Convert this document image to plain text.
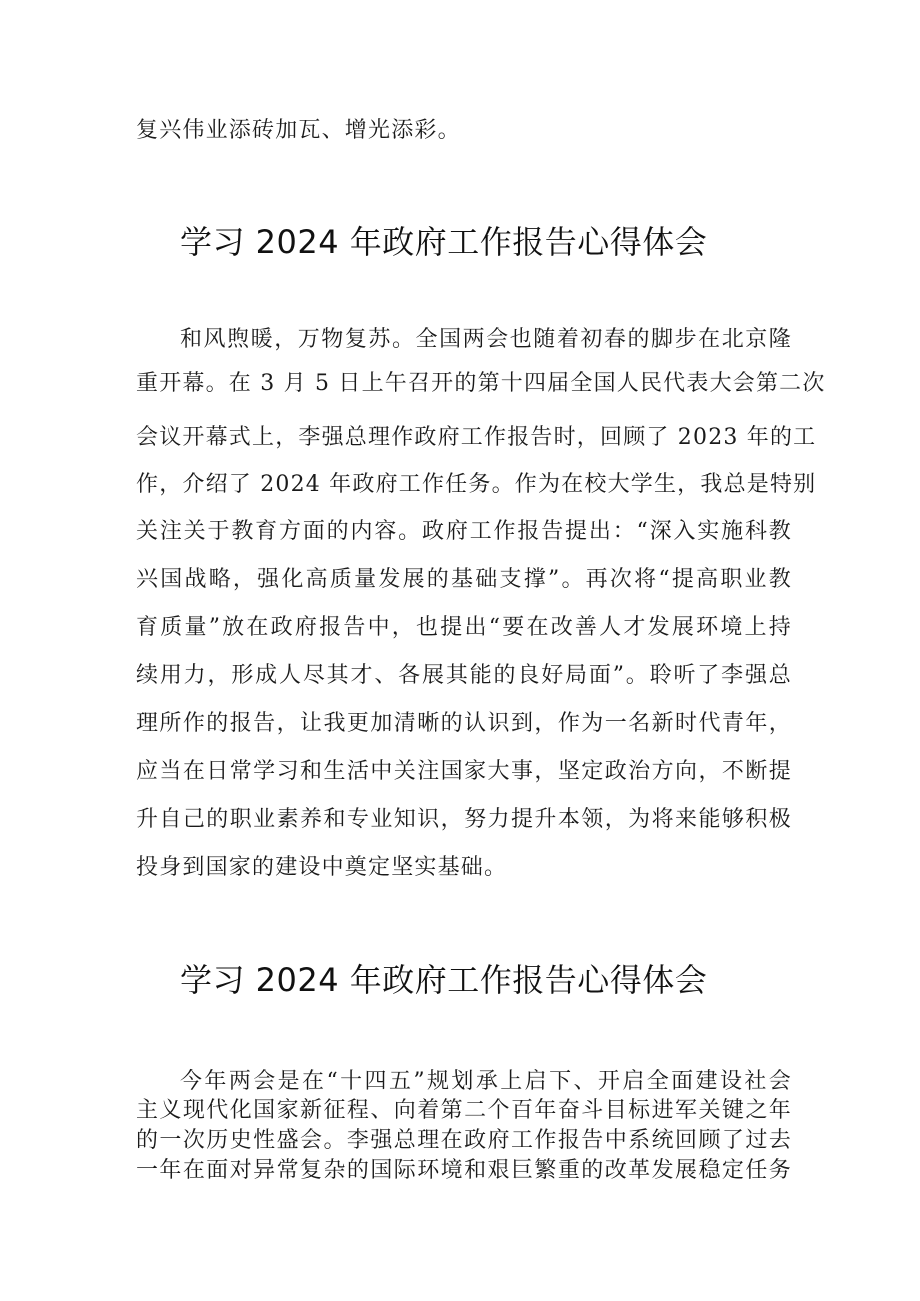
复兴伟业添砖加瓦、增光添彩。
学习 2024 年政府工作报告心得体会
和风煦暖，万物复苏。全国两会也随着初春的脚步在北京隆
重开幕。在 3 月 5 日上午召开的第十四届全国人民代表大会第二次
会议开幕式上，李强总理作政府工作报告时，回顾了 2023 年的工
作，介绍了 2024 年政府工作任务。作为在校大学生，我总是特别
关注关于教育方面的内容。政府工作报告提出：“深入实施科教
兴国战略，强化高质量发展的基础支撑”。再次将“提高职业教
育质量”放在政府报告中，也提出“要在改善人才发展环境上持
续用力，形成人尽其才、各展其能的良好局面”。聆听了李强总
理所作的报告，让我更加清晰的认识到，作为一名新时代青年，
应当在日常学习和生活中关注国家大事，坚定政治方向，不断提
升自己的职业素养和专业知识，努力提升本领，为将来能够积极
投身到国家的建设中奠定坚实基础。
学习 2024 年政府工作报告心得体会
今年两会是在“十四五”规划承上启下、开启全面建设社会
主义现代化国家新征程、向着第二个百年奋斗目标进军关键之年
的一次历史性盛会。李强总理在政府工作报告中系统回顾了过去
一年在面对异常复杂的国际环境和艰巨繁重的改革发展稳定任务
